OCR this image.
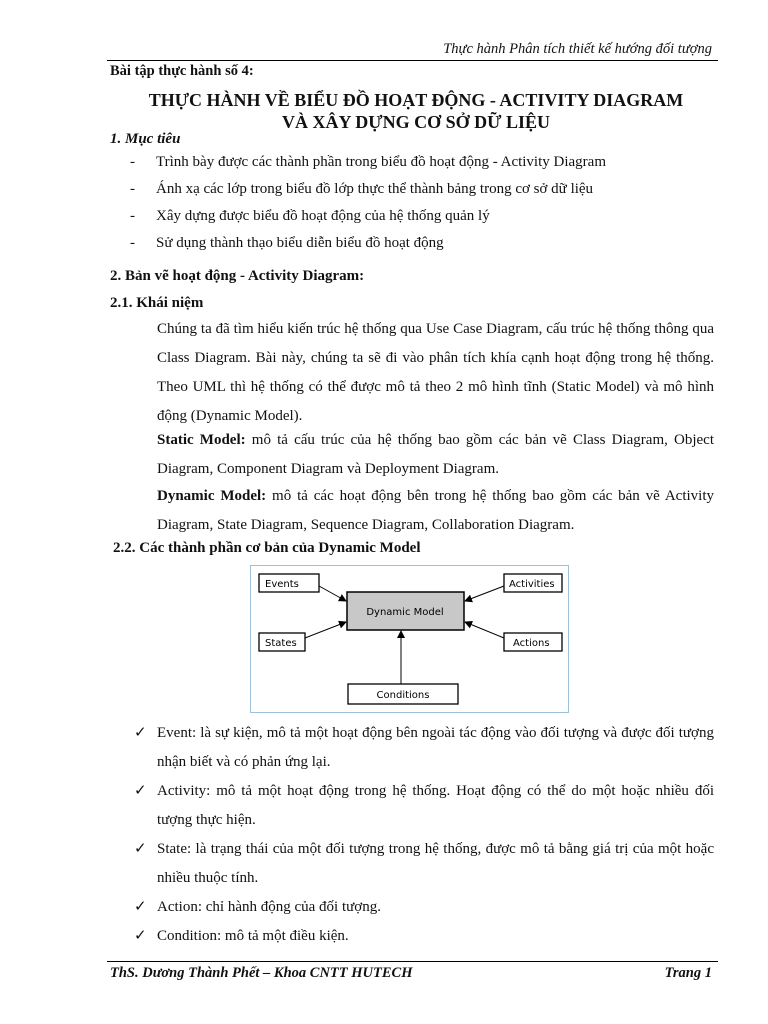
Thực hành Phân tích thiết kế hướng đối tượng
Bài tập thực hành số 4:
THỰC HÀNH VỀ BIỂU ĐỒ HOẠT ĐỘNG - ACTIVITY DIAGRAM
VÀ XÂY DỰNG CƠ SỞ DỮ LIỆU
1. Mục tiêu
- Trình bày được các thành phần trong biểu đồ hoạt động - Activity Diagram
- Ánh xạ các lớp trong biểu đồ lớp thực thể thành bảng trong cơ sở dữ liệu
- Xây dựng được biểu đồ hoạt động của hệ thống quản lý
- Sử dụng thành thạo biểu diễn biểu đồ hoạt động
2. Bản vẽ hoạt động - Activity Diagram:
2.1. Khái niệm
Chúng ta đã tìm hiểu kiến trúc hệ thống qua Use Case Diagram, cấu trúc hệ thống thông qua Class Diagram. Bài này, chúng ta sẽ đi vào phân tích khía cạnh hoạt động trong hệ thống. Theo UML thì hệ thống có thể được mô tả theo 2 mô hình tĩnh (Static Model) và mô hình động (Dynamic Model).
Static Model: mô tả cấu trúc của hệ thống bao gồm các bản vẽ Class Diagram, Object Diagram, Component Diagram và Deployment Diagram.
Dynamic Model: mô tả các hoạt động bên trong hệ thống bao gồm các bản vẽ Activity Diagram, State Diagram, Sequence Diagram, Collaboration Diagram.
2.2. Các thành phần cơ bản của Dynamic Model
Dynamic Model
Events	Activities
States	Actions
Conditions
✓ Event: là sự kiện, mô tả một hoạt động bên ngoài tác động vào đối tượng và được đối tượng nhận biết và có phản ứng lại.
✓ Activity: mô tả một hoạt động trong hệ thống. Hoạt động có thể do một hoặc nhiều đối tượng thực hiện.
✓ State: là trạng thái của một đối tượng trong hệ thống, được mô tả bằng giá trị của một hoặc nhiều thuộc tính.
✓ Action: chỉ hành động của đối tượng.
✓ Condition: mô tả một điều kiện.
ThS. Dương Thành Phết – Khoa CNTT HUTECH	Trang 1
